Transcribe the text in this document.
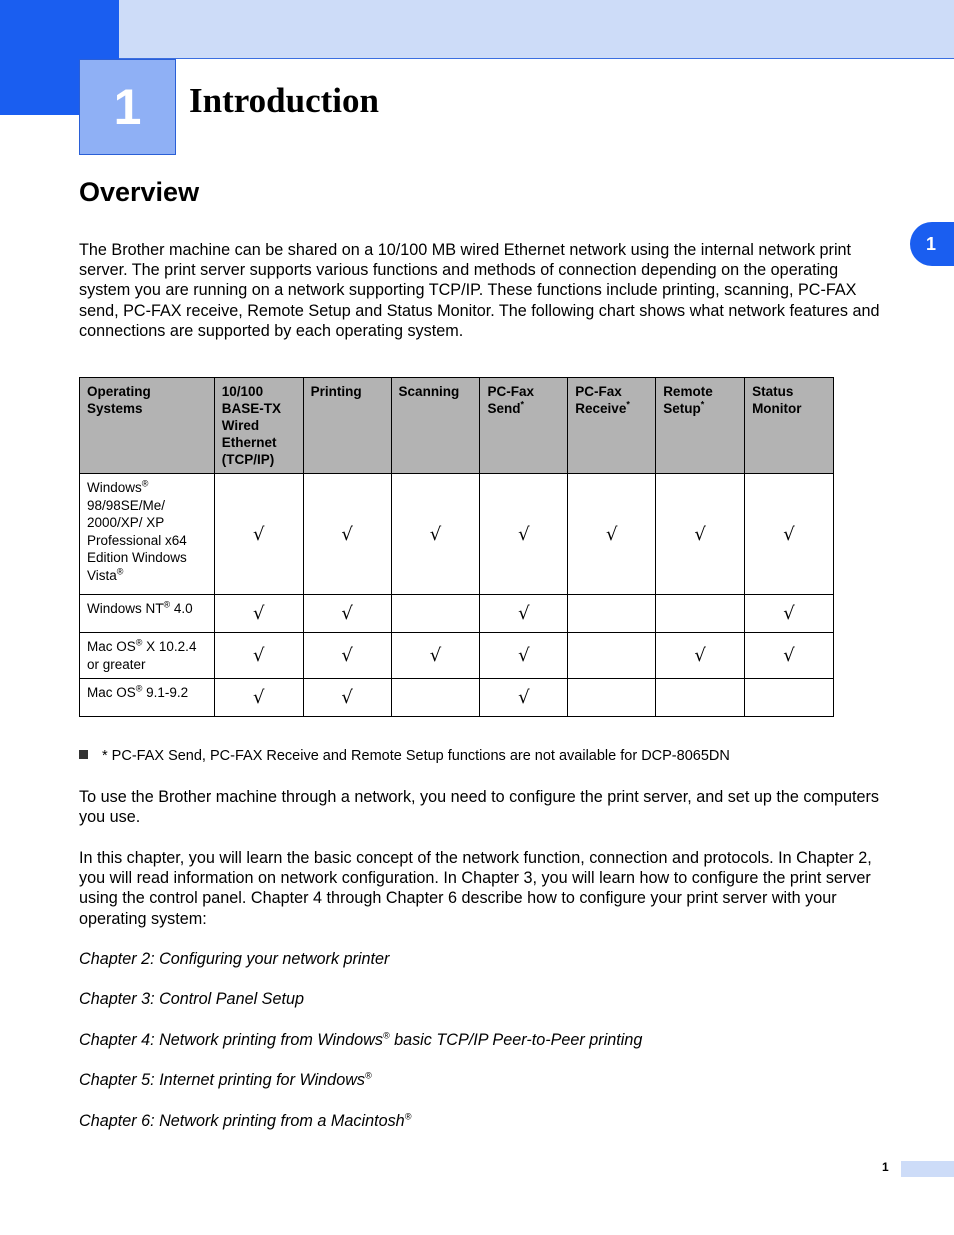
1	Introduction
1
Overview
The Brother machine can be shared on a 10/100 MB wired Ethernet network using the internal network print server. The print server supports various functions and methods of connection depending on the operating system you are running on a network supporting TCP/IP. These functions include printing, scanning, PC-FAX send, PC-FAX receive, Remote Setup and Status Monitor. The following chart shows what network features and connections are supported by each operating system.
Operating Systems	10/100 BASE-TX Wired Ethernet (TCP/IP)	Printing	Scanning	PC-Fax Send*	PC-Fax Receive*	Remote Setup*	Status Monitor
Windows® 98/98SE/Me/ 2000/XP/ XP Professional x64 Edition Windows Vista®	√	√	√	√	√	√	√
Windows NT® 4.0	√	√		√			√
Mac OS® X 10.2.4 or greater	√	√	√	√		√	√
Mac OS® 9.1-9.2	√	√		√			
* PC-FAX Send, PC-FAX Receive and Remote Setup functions are not available for DCP-8065DN
To use the Brother machine through a network, you need to configure the print server, and set up the computers you use.
In this chapter, you will learn the basic concept of the network function, connection and protocols. In Chapter 2, you will read information on network configuration. In Chapter 3, you will learn how to configure the print server using the control panel. Chapter 4 through Chapter 6 describe how to configure your print server with your operating system:
Chapter 2: Configuring your network printer
Chapter 3: Control Panel Setup
Chapter 4: Network printing from Windows® basic TCP/IP Peer-to-Peer printing
Chapter 5: Internet printing for Windows®
Chapter 6: Network printing from a Macintosh®
1
